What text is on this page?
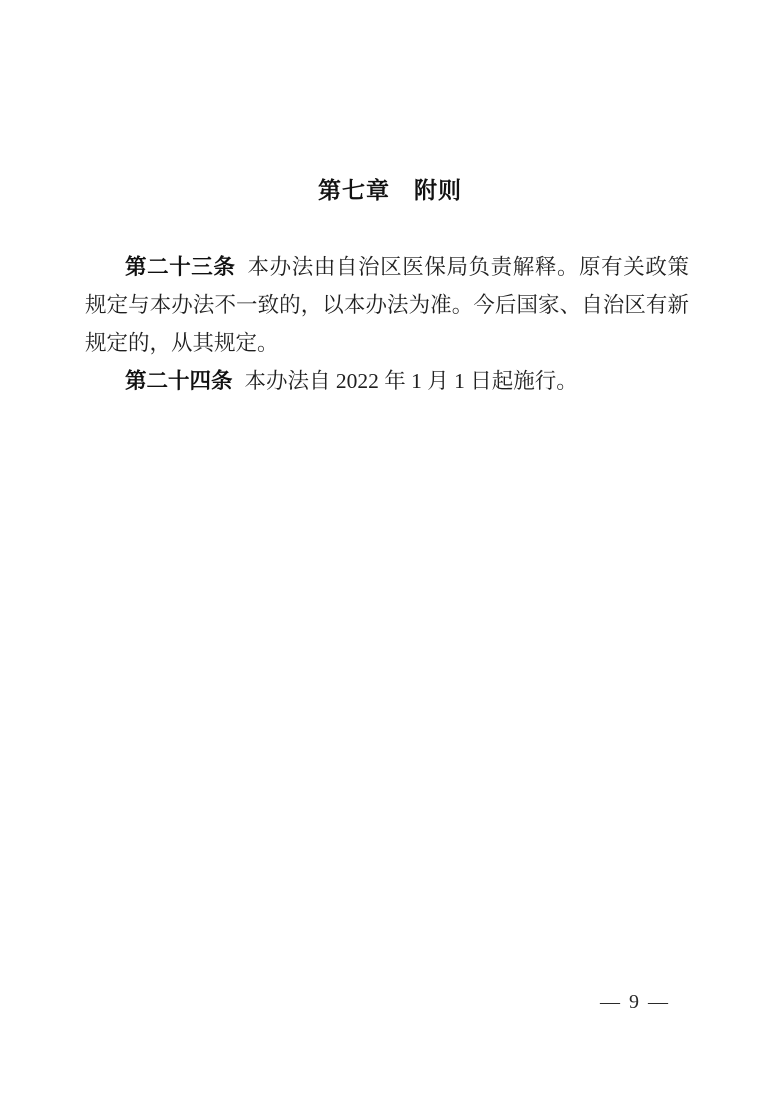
第七章　附则

第二十三条 本办法由自治区医保局负责解释。原有关政策规定与本办法不一致的，以本办法为准。今后国家、自治区有新规定的，从其规定。

第二十四条 本办法自 2022 年 1 月 1 日起施行。

— 9 —
